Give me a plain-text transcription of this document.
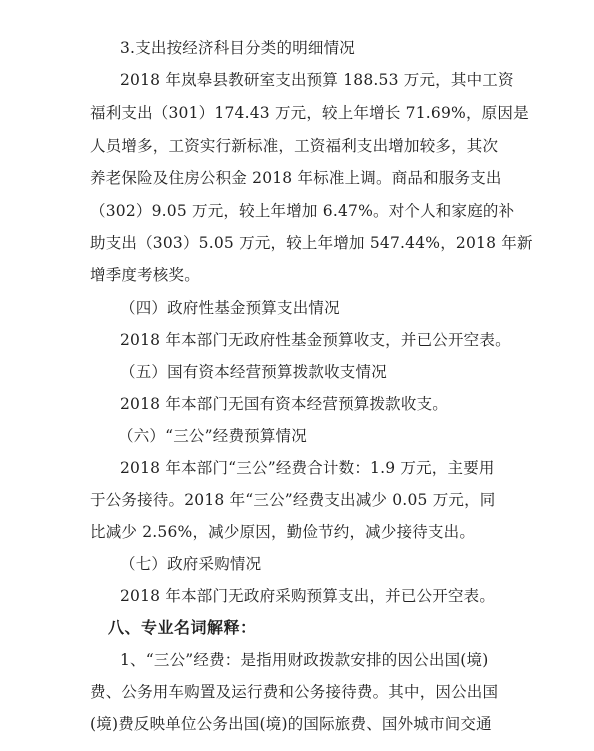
3.支出按经济科目分类的明细情况
2018 年岚皋县教研室支出预算 188.53 万元，其中工资
福利支出（301）174.43 万元，较上年增长 71.69%，原因是
人员增多，工资实行新标准，工资福利支出增加较多，其次
养老保险及住房公积金 2018 年标准上调。商品和服务支出
（302）9.05 万元，较上年增加 6.47%。对个人和家庭的补
助支出（303）5.05 万元，较上年增加 547.44%，2018 年新
增季度考核奖。
（四）政府性基金预算支出情况
2018 年本部门无政府性基金预算收支，并已公开空表。
（五）国有资本经营预算拨款收支情况
2018 年本部门无国有资本经营预算拨款收支。
（六）“三公”经费预算情况
2018 年本部门“三公”经费合计数：1.9 万元，主要用
于公务接待。2018 年“三公”经费支出减少 0.05 万元，同
比减少 2.56%，减少原因，勤俭节约，减少接待支出。
（七）政府采购情况
2018 年本部门无政府采购预算支出，并已公开空表。
八、专业名词解释：
1、“三公”经费：是指用财政拨款安排的因公出国(境)
费、公务用车购置及运行费和公务接待费。其中，因公出国
(境)费反映单位公务出国(境)的国际旅费、国外城市间交通
